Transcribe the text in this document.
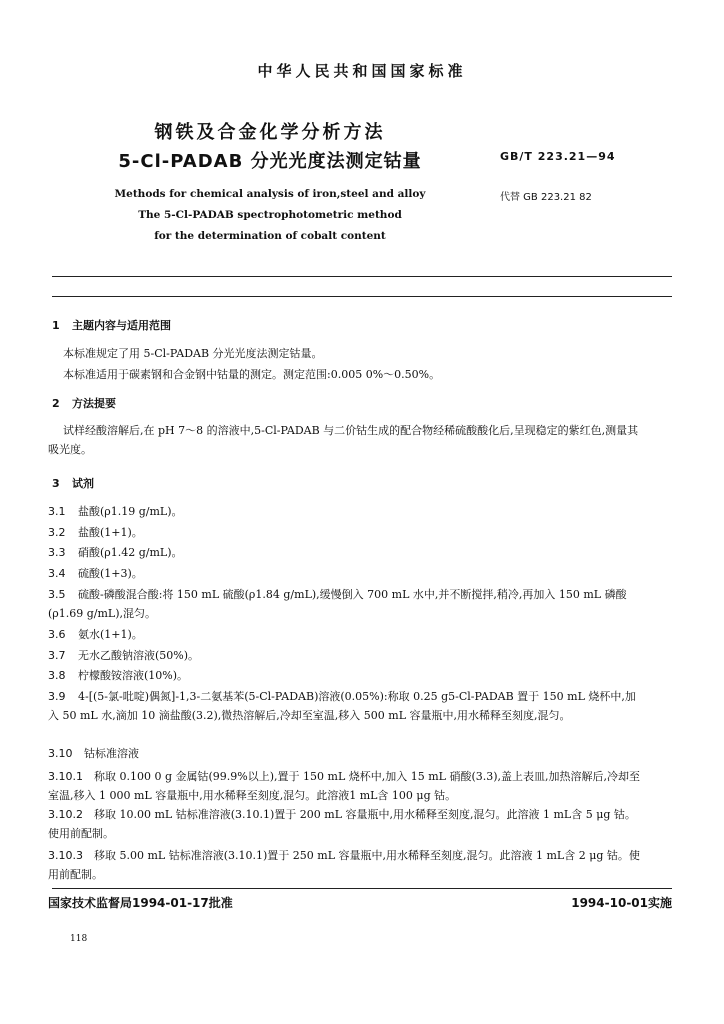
中华人民共和国国家标准
钢铁及合金化学分析方法
5-Cl-PADAB 分光光度法测定钴量	GB/T 223.21—94
代替 GB 223.21 82
Methods for chemical analysis of iron,steel and alloy
The 5-Cl-PADAB spectrophotometric method
for the determination of cobalt content
1 主题内容与适用范围
本标准规定了用 5-Cl-PADAB 分光光度法测定钴量。
本标准适用于碳素钢和合金钢中钴量的测定。测定范围:0.005 0%～0.50%。
2 方法提要
试样经酸溶解后,在 pH 7～8 的溶液中,5-Cl-PADAB 与二价钴生成的配合物经稀硫酸酸化后,呈现稳定的紫红色,测量其吸光度。
3 试剂
3.1 盐酸(ρ1.19 g/mL)。
3.2 盐酸(1+1)。
3.3 硝酸(ρ1.42 g/mL)。
3.4 硫酸(1+3)。
3.5 硫酸-磷酸混合酸:将 150 mL 硫酸(ρ1.84 g/mL),缓慢倒入 700 mL 水中,并不断搅拌,稍冷,再加入 150 mL 磷酸(ρ1.69 g/mL),混匀。
3.6 氨水(1+1)。
3.7 无水乙酸钠溶液(50%)。
3.8 柠檬酸铵溶液(10%)。
3.9 4-[(5-氯-吡啶)偶氮]-1,3-二氨基苯(5-Cl-PADAB)溶液(0.05%):称取 0.25 g5-Cl-PADAB 置于 150 mL 烧杯中,加入 50 mL 水,滴加 10 滴盐酸(3.2),微热溶解后,冷却至室温,移入 500 mL 容量瓶中,用水稀释至刻度,混匀。
3.10 钴标准溶液
3.10.1 称取 0.100 0 g 金属钴(99.9%以上),置于 150 mL 烧杯中,加入 15 mL 硝酸(3.3),盖上表皿,加热溶解后,冷却至室温,移入 1 000 mL 容量瓶中,用水稀释至刻度,混匀。此溶液1 mL含 100 μg 钴。
3.10.2 移取 10.00 mL 钴标准溶液(3.10.1)置于 200 mL 容量瓶中,用水稀释至刻度,混匀。此溶液 1 mL含 5 μg 钴。使用前配制。
3.10.3 移取 5.00 mL 钴标准溶液(3.10.1)置于 250 mL 容量瓶中,用水稀释至刻度,混匀。此溶液 1 mL含 2 μg 钴。使用前配制。
国家技术监督局1994-01-17批准	1994-10-01实施
118
